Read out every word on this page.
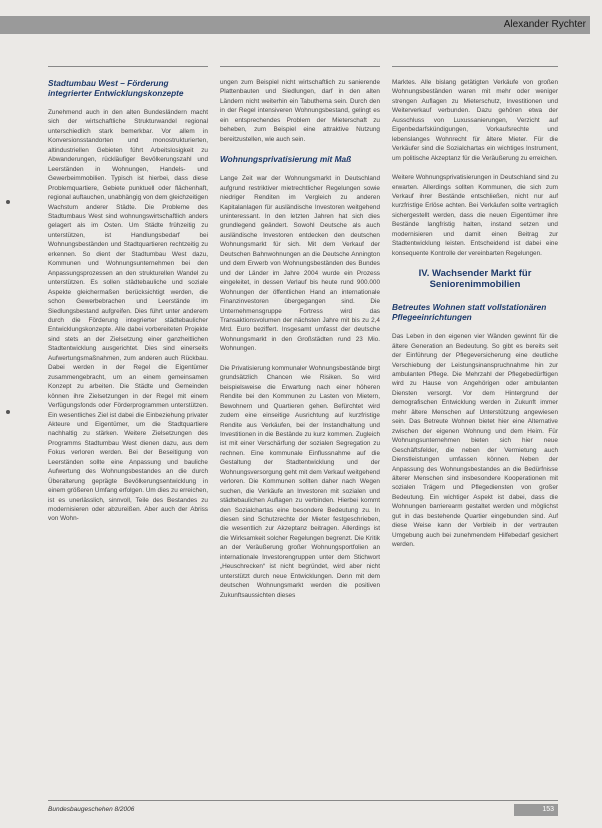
Alexander Rychter

Stadtumbau West – Förderung integrierter Entwicklungskonzepte

Zunehmend auch in den alten Bundesländern macht sich der wirtschaftliche Strukturwandel regional unterschiedlich stark bemerkbar. Vor allem in Konversionsstandorten und monostrukturierten, altindustriellen Gebieten führt Arbeitslosigkeit zu Abwanderungen, rückläufiger Bevölkerungszahl und Leerständen in Wohnungen, Handels- und Gewerbeimmobilien. Typisch ist hierbei, dass diese Problemquartiere, Gebiete punktuell oder flächenhaft, regional auftauchen, unabhängig von dem gleichzeitigen Wachstum anderer Städte. Die Probleme des Stadtumbaus West sind wohnungswirtschaftlich anders gelagert als im Osten. Um Städte frühzeitig zu unterstützen, ist Handlungsbedarf bei Wohnungsbeständen und Stadtquartieren rechtzeitig zu erkennen. So dient der Stadtumbau West dazu, Kommunen und Wohnungsunternehmen bei den Anpassungsprozessen an den strukturellen Wandel zu unterstützen. Es sollen städtebauliche und soziale Aspekte gleichermaßen berücksichtigt werden, die schon Gewerbebrachen und Leerstände im Siedlungsbestand aufgreifen. Dies führt unter anderem durch die Förderung integrierter städtebaulicher Entwicklungskonzepte. Alle dabei vorbereiteten Projekte sind stets an der Zielsetzung einer ganzheitlichen Stadtentwicklung ausgerichtet. Dies sind einerseits Aufwertungsmaßnahmen, zum anderen auch Rückbau. Dabei werden in der Regel die Eigentümer zusammengebracht, um an einem gemeinsamen Konzept zu arbeiten. Die Städte und Gemeinden können ihre Zielsetzungen in der Regel mit einem Verfügungsfonds oder Förderprogrammen unterstützen. Ein wesentliches Ziel ist dabei die Einbeziehung privater Akteure und Eigentümer, um die Stadtquartiere nachhaltig zu stärken. Weitere Zielsetzungen des Programms Stadtumbau West dienen dazu, aus dem Fokus verloren werden. Bei der Beseitigung von Leerständen sollte eine Anpassung und bauliche Aufwertung des Wohnungsbestandes an die durch Überalterung geprägte Bevölkerungsentwicklung in einem größeren Umfang erfolgen. Um dies zu erreichen, ist es unerlässlich, sinnvoll, Teile des Bestandes zu modernisieren oder abzureißen. Aber auch der Abriss von Wohn-

ungen zum Beispiel nicht wirtschaftlich zu sanierende Plattenbauten und Siedlungen, darf in den alten Ländern nicht weiterhin ein Tabuthema sein. Durch den in der Regel intensiveren Wohnungsbestand, gelingt es ein entsprechendes Problem der Mieterschaft zu beheben, zum Beispiel eine attraktive Nutzung bereitzustellen, wie auch sein.

Wohnungsprivatisierung mit Maß

Lange Zeit war der Wohnungsmarkt in Deutschland aufgrund restriktiver mietrechtlicher Regelungen sowie niedriger Renditen im Vergleich zu anderen Kapitalanlagen für ausländische Investoren weitgehend uninteressant. In den letzten Jahren hat sich dies grundlegend geändert. Sowohl Deutsche als auch ausländische Investoren entdecken den deutschen Wohnungsmarkt für sich. Mit dem Verkauf der Deutschen Bahnwohnungen an die Deutsche Annington und dem Erwerb von Wohnungsbeständen des Bundes und der Länder im Jahre 2004 wurde ein Prozess eingeleitet, in dessen Verlauf bis heute rund 900.000 Wohnungen der öffentlichen Hand an internationale Finanzinvestoren übergegangen sind. Die Unternehmensgruppe Fortress wird das Transaktionsvolumen der nächsten Jahre mit bis zu 2,4 Mrd. Euro beziffert. Insgesamt umfasst der deutsche Wohnungsmarkt in den Großstädten rund 23 Mio. Wohnungen.

Die Privatisierung kommunaler Wohnungsbestände birgt grundsätzlich Chancen wie Risiken. So wird beispielsweise die Erwartung nach einer höheren Rendite bei den Kommunen zu Lasten von Mietern, Bewohnern und Quartieren gehen. Befürchtet wird zudem eine einseitige Ausrichtung auf kurzfristige Rendite aus Verkäufen, bei der Instandhaltung und Investitionen in die Bestände zu kurz kommen. Zugleich ist mit einer Verschärfung der sozialen Segregation zu rechnen. Eine kommunale Einflussnahme auf die Gestaltung der Stadtentwicklung und der Wohnungsversorgung geht mit dem Verkauf weitgehend verloren. Die Kommunen sollten daher nach Wegen suchen, die Verkäufe an Investoren mit sozialen und städtebaulichen Auflagen zu verbinden. Hierbei kommt den Sozialchartas eine besondere Bedeutung zu. In diesen sind Schutzrechte der Mieter festgeschrieben, die wesentlich zur Akzeptanz beitragen. Allerdings ist die Wirksamkeit solcher Regelungen begrenzt. Die Kritik an der Veräußerung großer Wohnungsportfolien an internationale Investorengruppen unter dem Stichwort „Heuschrecken“ ist nicht begründet, wird aber nicht unterstützt durch neue Entwicklungen. Denn mit dem deutschen Wohnungsmarkt werden die positiven Zukunftsaussichten dieses

Marktes. Alle bislang getätigten Verkäufe von großen Wohnungsbeständen waren mit mehr oder weniger strengen Auflagen zu Mieterschutz, Investitionen und Weiterverkauf verbunden. Dazu gehören etwa der Ausschluss von Luxussanierungen, Verzicht auf Eigenbedarfskündigungen, Vorkaufsrechte und lebenslanges Wohnrecht für ältere Mieter. Für die Verkäufer sind die Sozialchartas ein wichtiges Instrument, um politische Akzeptanz für die Veräußerung zu erreichen.

Weitere Wohnungsprivatisierungen in Deutschland sind zu erwarten. Allerdings sollten Kommunen, die sich zum Verkauf ihrer Bestände entschließen, nicht nur auf kurzfristige Erlöse achten. Bei Verkäufen sollte vertraglich sichergestellt werden, dass die neuen Eigentümer ihre Bestände langfristig halten, instand setzen und modernisieren und damit einen Beitrag zur Stadtentwicklung leisten. Entscheidend ist dabei eine konsequente Kontrolle der vereinbarten Regelungen.

IV. Wachsender Markt für Seniorenimmobilien

Betreutes Wohnen statt vollstationären Pflegeeinrichtungen

Das Leben in den eigenen vier Wänden gewinnt für die ältere Generation an Bedeutung. So gibt es bereits seit der Einführung der Pflegeversicherung eine deutliche Verschiebung der Leistungsinanspruchnahme hin zur ambulanten Pflege. Die Mehrzahl der Pflegebedürftigen wird zu Hause von Angehörigen oder ambulanten Diensten versorgt. Vor dem Hintergrund der demografischen Entwicklung werden in Zukunft immer mehr ältere Menschen auf Unterstützung angewiesen sein. Das Betreute Wohnen bietet hier eine Alternative zwischen der eigenen Wohnung und dem Heim. Für Wohnungsunternehmen bieten sich hier neue Geschäftsfelder, die neben der Vermietung auch Dienstleistungen umfassen können. Neben der Anpassung des Wohnungsbestandes an die Bedürfnisse älterer Menschen sind insbesondere Kooperationen mit sozialen Trägern und Pflegediensten von großer Bedeutung. Ein wichtiger Aspekt ist dabei, dass die Wohnungen barrierearm gestaltet werden und möglichst gut in das bestehende Quartier eingebunden sind. Auf diese Weise kann der Verbleib in der vertrauten Umgebung auch bei zunehmendem Hilfebedarf gesichert werden.

Bundesbaugeschehen 8/2006	153
